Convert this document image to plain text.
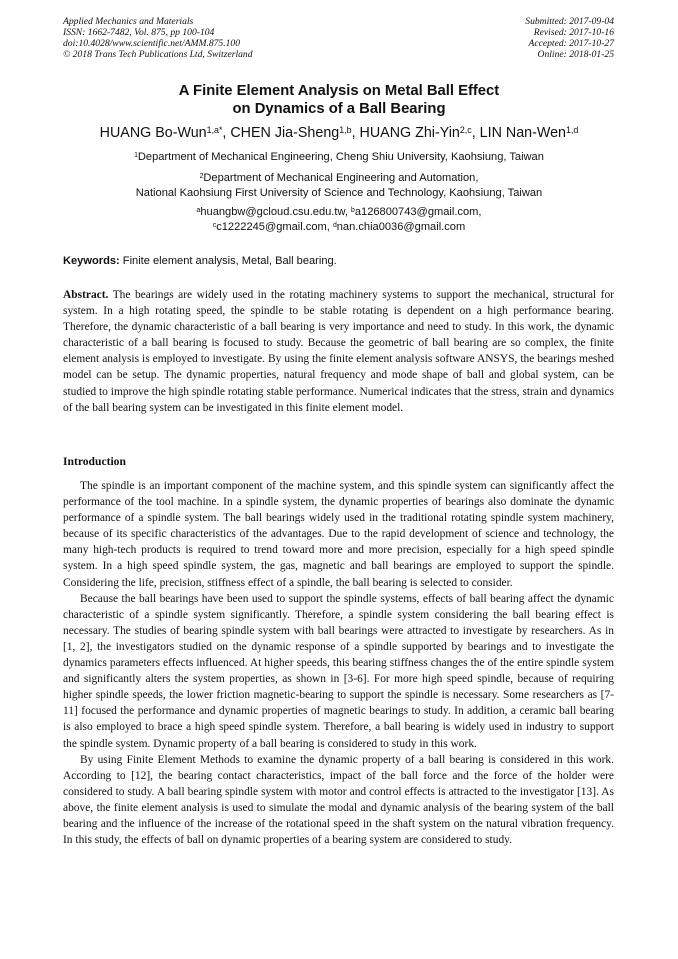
Applied Mechanics and Materials
ISSN: 1662-7482, Vol. 875, pp 100-104
doi:10.4028/www.scientific.net/AMM.875.100
© 2018 Trans Tech Publications Ltd, Switzerland
Submitted: 2017-09-04
Revised: 2017-10-16
Accepted: 2017-10-27
Online: 2018-01-25
A Finite Element Analysis on Metal Ball Effect
on Dynamics of a Ball Bearing
HUANG Bo-Wun$^{1,a*}$, CHEN Jia-Sheng$^{1,b}$, HUANG Zhi-Yin$^{2,c}$, LIN Nan-Wen$^{1,d}$
$^1$Department of Mechanical Engineering, Cheng Shiu University, Kaohsiung, Taiwan
$^2$Department of Mechanical Engineering and Automation,
National Kaohsiung First University of Science and Technology, Kaohsiung, Taiwan
$^a$huangbw@gcloud.csu.edu.tw, $^b$a126800743@gmail.com,
$^c$c1222245@gmail.com, $^d$nan.chia0036@gmail.com
Keywords: Finite element analysis, Metal, Ball bearing.
Abstract. The bearings are widely used in the rotating machinery systems to support the mechanical, structural for system. In a high rotating speed, the spindle to be stable rotating is dependent on a high performance bearing. Therefore, the dynamic characteristic of a ball bearing is very importance and need to study. In this work, the dynamic characteristic of a ball bearing is focused to study. Because the geometric of ball bearing are so complex, the finite element analysis is employed to investigate. By using the finite element analysis software ANSYS, the bearings meshed model can be setup. The dynamic properties, natural frequency and mode shape of ball and global system, can be studied to improve the high spindle rotating stable performance. Numerical indicates that the stress, strain and dynamics of the ball bearing system can be investigated in this finite element model.
Introduction

The spindle is an important component of the machine system, and this spindle system can significantly affect the performance of the tool machine. In a spindle system, the dynamic properties of bearings also dominate the dynamic performance of a spindle system. The ball bearings widely used in the traditional rotating spindle system machinery, because of its specific characteristics of the advantages. Due to the rapid development of science and technology, the many high-tech products is required to trend toward more and more precision, especially for a high speed spindle system. In a high speed spindle system, the gas, magnetic and ball bearings are employed to support the spindle. Considering the life, precision, stiffness effect of a spindle, the ball bearing is selected to consider.

Because the ball bearings have been used to support the spindle systems, effects of ball bearing affect the dynamic characteristic of a spindle system significantly. Therefore, a spindle system considering the ball bearing effect is necessary. The studies of bearing spindle system with ball bearings were attracted to investigate by researchers. As in [1, 2], the investigators studied on the dynamic response of a spindle supported by bearings and to investigate the dynamics parameters effects influenced. At higher speeds, this bearing stiffness changes the of the entire spindle system and significantly alters the system properties, as shown in [3-6]. For more high speed spindle, because of requiring higher spindle speeds, the lower friction magnetic-bearing to support the spindle is necessary. Some researchers as [7-11] focused the performance and dynamic properties of magnetic bearings to study. In addition, a ceramic ball bearing is also employed to brace a high speed spindle system. Therefore, a ball bearing is widely used in industry to support the spindle system. Dynamic property of a ball bearing is considered to study in this work.

By using Finite Element Methods to examine the dynamic property of a ball bearing is considered in this work. According to [12], the bearing contact characteristics, impact of the ball force and the force of the holder were considered to study. A ball bearing spindle system with motor and control effects is attracted to the investigator [13]. As above, the finite element analysis is used to simulate the modal and dynamic analysis of the bearing system of the ball bearing and the influence of the increase of the rotational speed in the shaft system on the natural vibration frequency. In this study, the effects of ball on dynamic properties of a bearing system are considered to study.
